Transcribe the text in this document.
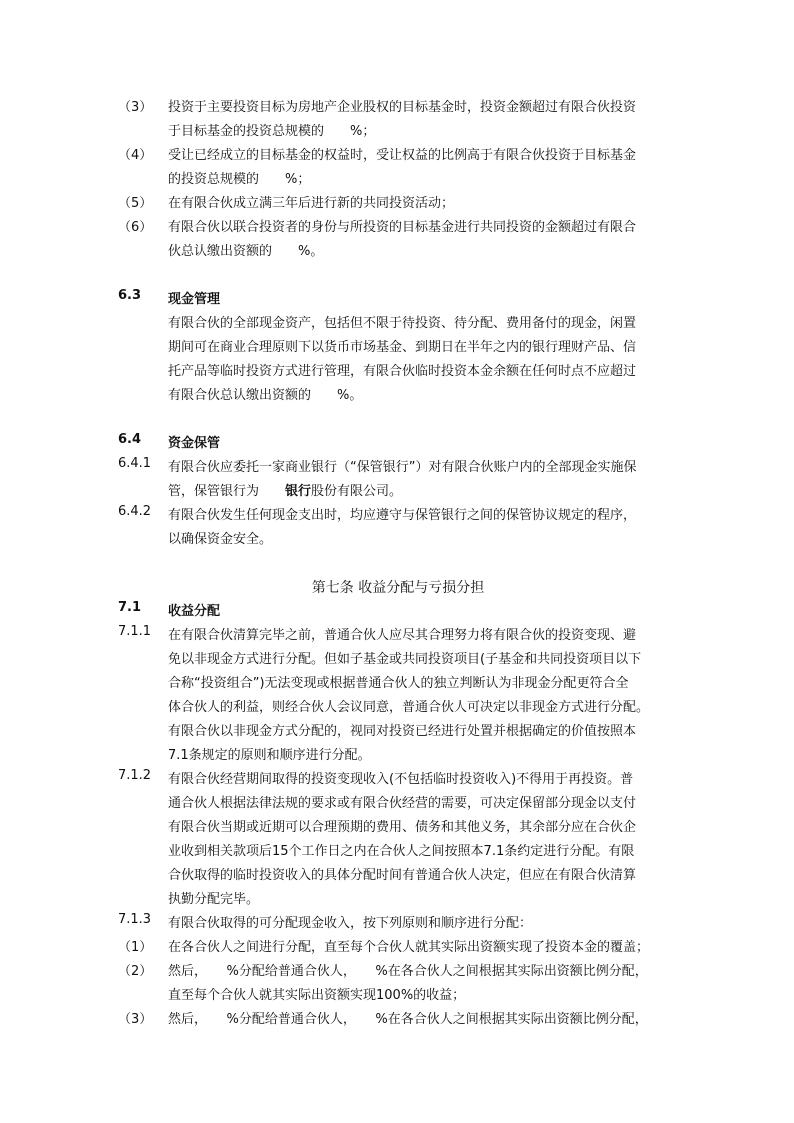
（3）	投资于主要投资目标为房地产企业股权的目标基金时，投资金额超过有限合伙投资
于目标基金的投资总规模的　　%；
（4）	受让已经成立的目标基金的权益时，受让权益的比例高于有限合伙投资于目标基金
的投资总规模的　　%；
（5）	在有限合伙成立满三年后进行新的共同投资活动；
（6）	有限合伙以联合投资者的身份与所投资的目标基金进行共同投资的金额超过有限合
伙总认缴出资额的　　%。
6.3	现金管理
有限合伙的全部现金资产，包括但不限于待投资、待分配、费用备付的现金，闲置
期间可在商业合理原则下以货币市场基金、到期日在半年之内的银行理财产品、信
托产品等临时投资方式进行管理，有限合伙临时投资本金余额在任何时点不应超过
有限合伙总认缴出资额的　　%。
6.4	资金保管
6.4.1	有限合伙应委托一家商业银行（“保管银行”）对有限合伙账户内的全部现金实施保
管，保管银行为　　银行股份有限公司。
6.4.2	有限合伙发生任何现金支出时，均应遵守与保管银行之间的保管协议规定的程序，
以确保资金安全。
第七条 收益分配与亏损分担
7.1	收益分配
7.1.1	在有限合伙清算完毕之前，普通合伙人应尽其合理努力将有限合伙的投资变现、避
免以非现金方式进行分配。但如子基金或共同投资项目(子基金和共同投资项目以下
合称“投资组合”)无法变现或根据普通合伙人的独立判断认为非现金分配更符合全
体合伙人的利益，则经合伙人会议同意，普通合伙人可决定以非现金方式进行分配。
有限合伙以非现金方式分配的，视同对投资已经进行处置并根据确定的价值按照本
7.1条规定的原则和顺序进行分配。
7.1.2	有限合伙经营期间取得的投资变现收入(不包括临时投资收入)不得用于再投资。普
通合伙人根据法律法规的要求或有限合伙经营的需要，可决定保留部分现金以支付
有限合伙当期或近期可以合理预期的费用、债务和其他义务，其余部分应在合伙企
业收到相关款项后15个工作日之内在合伙人之间按照本7.1条约定进行分配。有限
合伙取得的临时投资收入的具体分配时间有普通合伙人决定，但应在有限合伙清算
执勤分配完毕。
7.1.3	有限合伙取得的可分配现金收入，按下列原则和顺序进行分配：
（1）	在各合伙人之间进行分配，直至每个合伙人就其实际出资额实现了投资本金的覆盖；
（2）	然后，　　%分配给普通合伙人，　　%在各合伙人之间根据其实际出资额比例分配，
直至每个合伙人就其实际出资额实现100%的收益；
（3）	然后，　　%分配给普通合伙人，　　%在各合伙人之间根据其实际出资额比例分配，
